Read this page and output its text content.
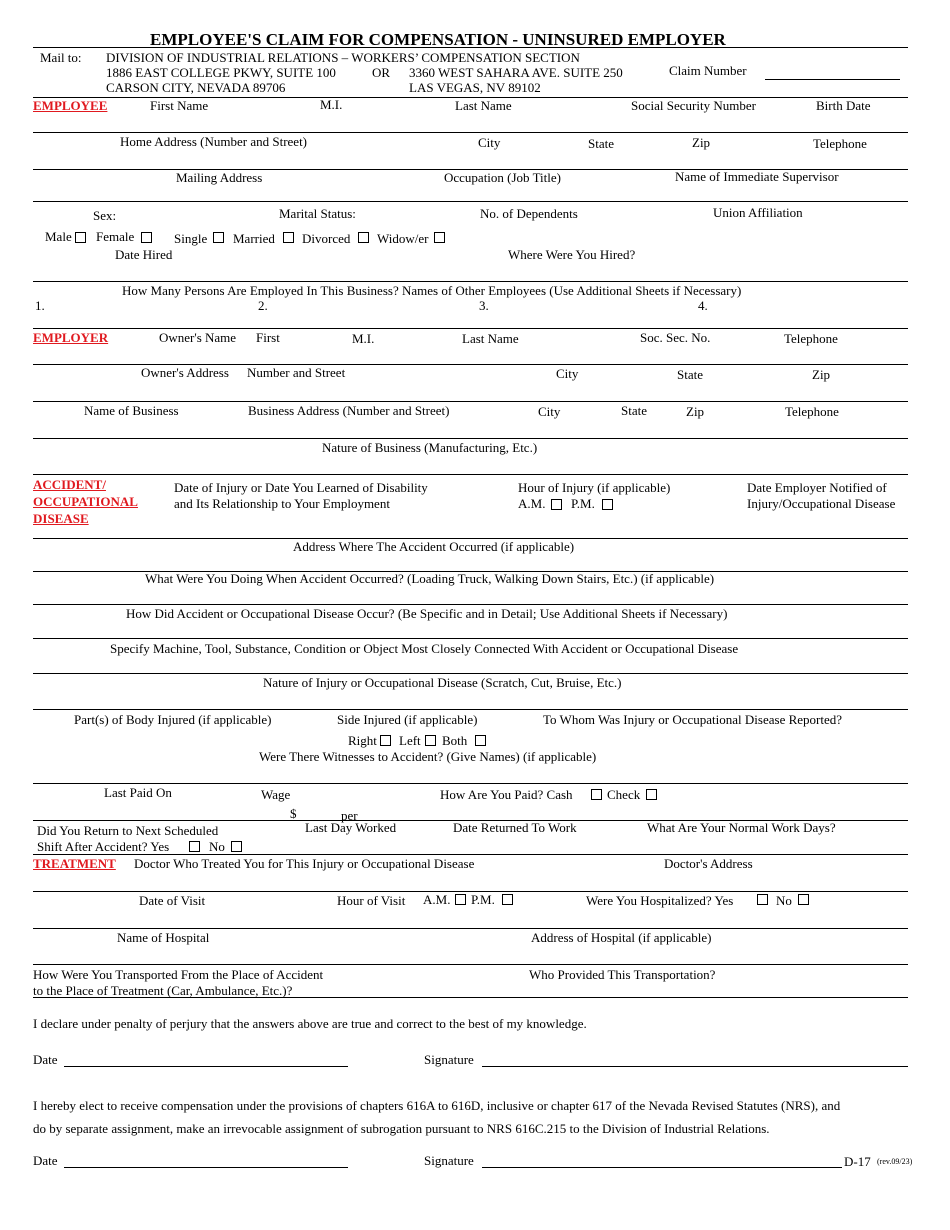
EMPLOYEE'S CLAIM FOR COMPENSATION - UNINSURED EMPLOYER
Mail to: DIVISION OF INDUSTRIAL RELATIONS – WORKERS’ COMPENSATION SECTION
1886 EAST COLLEGE PKWY, SUITE 100	OR 3360 WEST SAHARA AVE. SUITE 250
CARSON CITY, NEVADA 89706	LAS VEGAS, NV 89102
Claim Number
EMPLOYEE	First Name	M.I.	Last Name	Social Security Number	Birth Date
Home Address (Number and Street)	City	State	Zip	Telephone
Mailing Address	Occupation (Job Title)	Name of Immediate Supervisor
Sex:	Marital Status:	No. of Dependents	Union Affiliation
Male Female	Single Married Divorced Widow/er
Date Hired	Where Were You Hired?
How Many Persons Are Employed In This Business? Names of Other Employees (Use Additional Sheets if Necessary)
1.	2.	3.	4.
EMPLOYER	Owner's Name First	M.I.	Last Name	Soc. Sec. No.	Telephone
Owner's Address Number and Street	City	State	Zip
Name of Business	Business Address (Number and Street)	City	State	Zip	Telephone
Nature of Business (Manufacturing, Etc.)
ACCIDENT/
OCCUPATIONAL
DISEASE
Date of Injury or Date You Learned of Disability
and Its Relationship to Your Employment
Hour of Injury (if applicable)
A.M. P.M.
Date Employer Notified of
Injury/Occupational Disease
Address Where The Accident Occurred (if applicable)
What Were You Doing When Accident Occurred? (Loading Truck, Walking Down Stairs, Etc.) (if applicable)
How Did Accident or Occupational Disease Occur? (Be Specific and in Detail; Use Additional Sheets if Necessary)
Specify Machine, Tool, Substance, Condition or Object Most Closely Connected With Accident or Occupational Disease
Nature of Injury or Occupational Disease (Scratch, Cut, Bruise, Etc.)
Part(s) of Body Injured (if applicable)	Side Injured (if applicable)	To Whom Was Injury or Occupational Disease Reported?
Right Left Both
Were There Witnesses to Accident? (Give Names) (if applicable)
Last Paid On	Wage
$	per
How Are You Paid? Cash	Check
Did You Return to Next Scheduled
Shift After Accident? Yes	No
Last Day Worked	Date Returned To Work	What Are Your Normal Work Days?
TREATMENT Doctor Who Treated You for This Injury or Occupational Disease	Doctor's Address
Date of Visit	Hour of Visit A.M. P.M.	Were You Hospitalized? Yes	No
Name of Hospital	Address of Hospital (if applicable)
How Were You Transported From the Place of Accident
to the Place of Treatment (Car, Ambulance, Etc.)?
Who Provided This Transportation?
I declare under penalty of perjury that the answers above are true and correct to the best of my knowledge.
Date	Signature
I hereby elect to receive compensation under the provisions of chapters 616A to 616D, inclusive or chapter 617 of the Nevada Revised Statutes (NRS), and
do by separate assignment, make an irrevocable assignment of subrogation pursuant to NRS 616C.215 to the Division of Industrial Relations.
Date	Signature	D-17 (rev.09/23)
